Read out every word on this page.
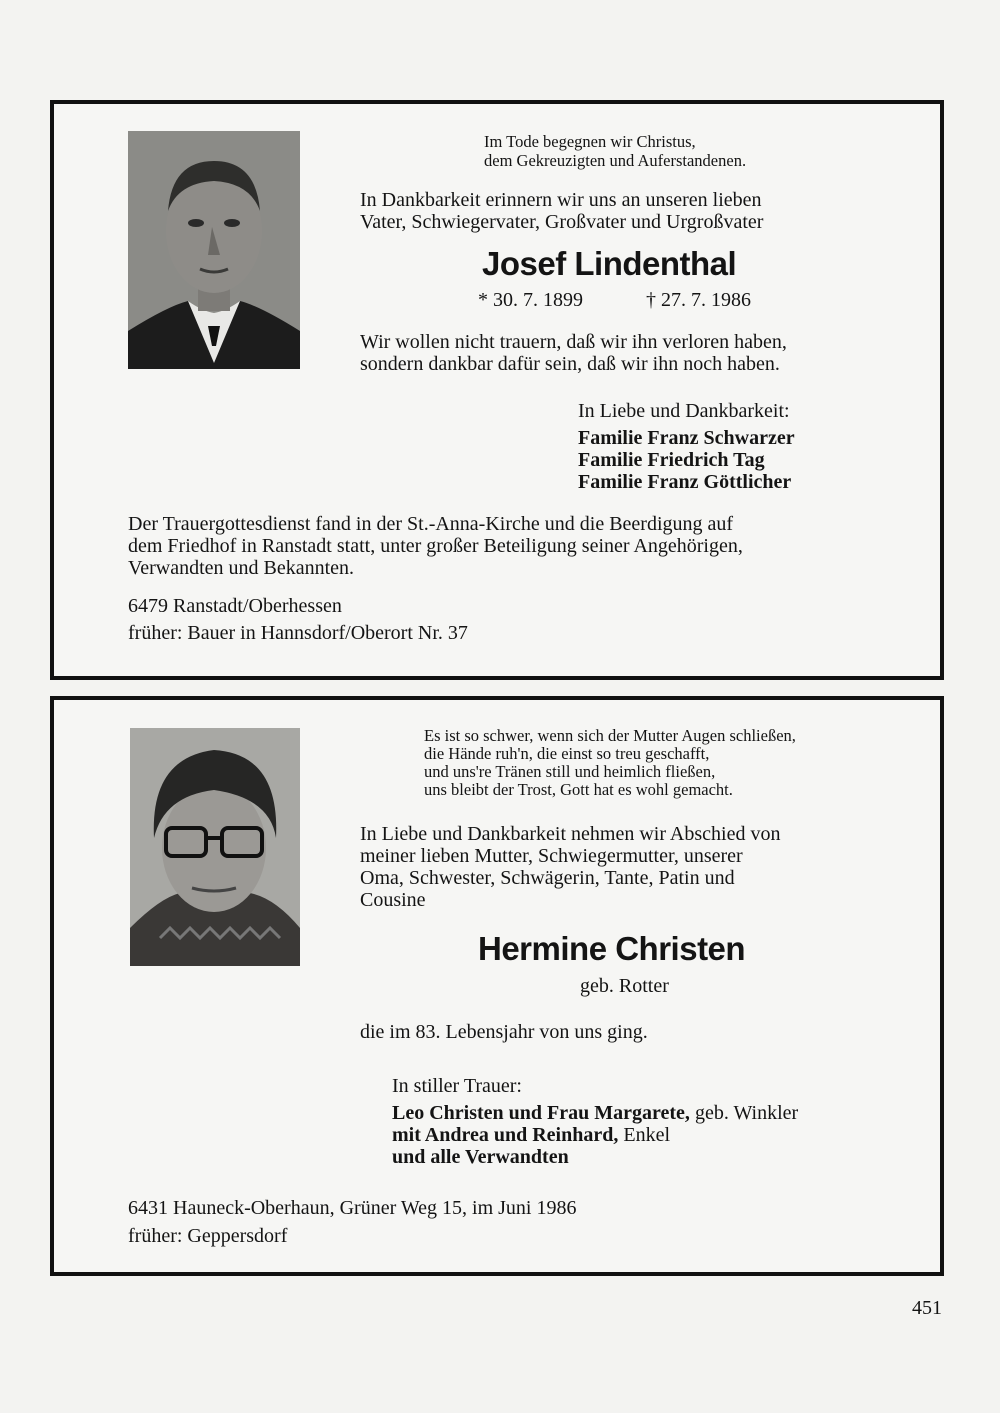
Im Tode begegnen wir Christus,

dem Gekreuzigten und Auferstandenen.

In Dankbarkeit erinnern wir uns an unseren lieben

Vater, Schwiegervater, Großvater und Urgroßvater

Josef Lindenthal

* 30. 7. 1899	† 27. 7. 1986

Wir wollen nicht trauern, daß wir ihn verloren haben,

sondern dankbar dafür sein, daß wir ihn noch haben.

In Liebe und Dankbarkeit:

Familie Franz Schwarzer

Familie Friedrich Tag

Familie Franz Göttlicher

Der Trauergottesdienst fand in der St.-Anna-Kirche und die Beerdigung auf

dem Friedhof in Ranstadt statt, unter großer Beteiligung seiner Angehörigen,

Verwandten und Bekannten.

6479 Ranstadt/Oberhessen

früher: Bauer in Hannsdorf/Oberort Nr. 37

Es ist so schwer, wenn sich der Mutter Augen schließen,

die Hände ruh'n, die einst so treu geschafft,

und uns're Tränen still und heimlich fließen,

uns bleibt der Trost, Gott hat es wohl gemacht.

In Liebe und Dankbarkeit nehmen wir Abschied von

meiner lieben Mutter, Schwiegermutter, unserer

Oma, Schwester, Schwägerin, Tante, Patin und

Cousine

Hermine Christen

geb. Rotter

die im 83. Lebensjahr von uns ging.

In stiller Trauer:

Leo Christen und Frau Margarete, geb. Winkler

mit Andrea und Reinhard, Enkel

und alle Verwandten

6431 Hauneck-Oberhaun, Grüner Weg 15, im Juni 1986

früher: Geppersdorf

451
